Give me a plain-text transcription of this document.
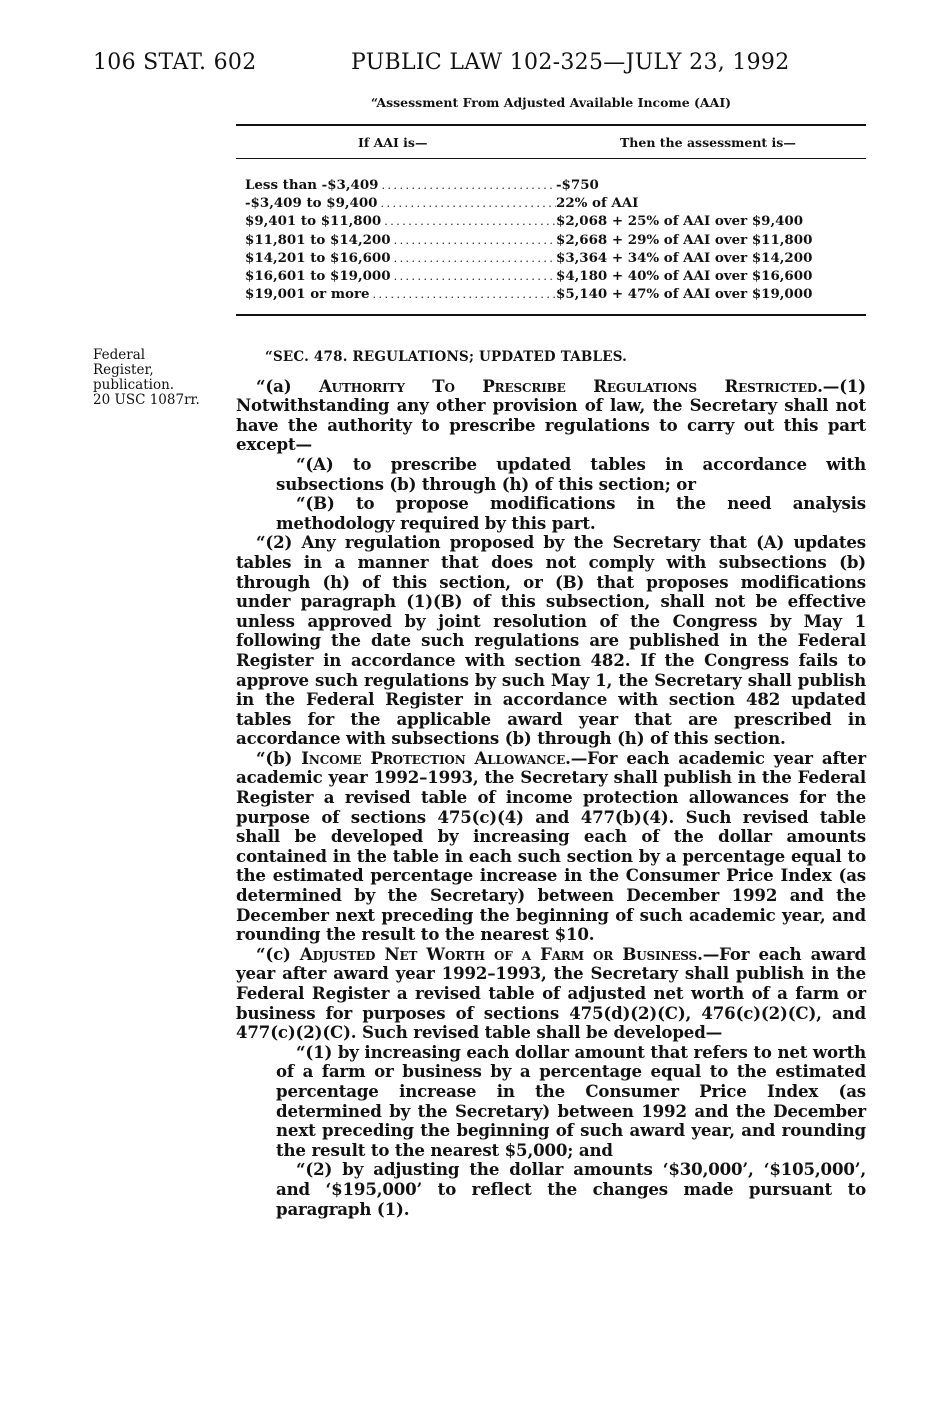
106 STAT. 602	PUBLIC LAW 102-325—JULY 23, 1992
“Assessment From Adjusted Available Income (AAI)
If AAI is—	Then the assessment is—
Less than -$3,409 . . .	-$750
-$3,409 to $9,400 . . .	22% of AAI
$9,401 to $11,800 . . .	$2,068 + 25% of AAI over $9,400
$11,801 to $14,200 . . .	$2,668 + 29% of AAI over $11,800
$14,201 to $16,600 . . .	$3,364 + 34% of AAI over $14,200
$16,601 to $19,000 . . .	$4,180 + 40% of AAI over $16,600
$19,001 or more . . .	$5,140 + 47% of AAI over $19,000
Federal
Register,
publication.
20 USC 1087rr.

“SEC. 478. REGULATIONS; UPDATED TABLES.

“(a) Authority To Prescribe Regulations Restricted.—(1) Notwithstanding any other provision of law, the Secretary shall not have the authority to prescribe regulations to carry out this part except—

“(A) to prescribe updated tables in accordance with subsections (b) through (h) of this section; or

“(B) to propose modifications in the need analysis methodology required by this part.

“(2) Any regulation proposed by the Secretary that (A) updates tables in a manner that does not comply with subsections (b) through (h) of this section, or (B) that proposes modifications under paragraph (1)(B) of this subsection, shall not be effective unless approved by joint resolution of the Congress by May 1 following the date such regulations are published in the Federal Register in accordance with section 482. If the Congress fails to approve such regulations by such May 1, the Secretary shall publish in the Federal Register in accordance with section 482 updated tables for the applicable award year that are prescribed in accordance with subsections (b) through (h) of this section.

“(b) Income Protection Allowance.—For each academic year after academic year 1992–1993, the Secretary shall publish in the Federal Register a revised table of income protection allowances for the purpose of sections 475(c)(4) and 477(b)(4). Such revised table shall be developed by increasing each of the dollar amounts contained in the table in each such section by a percentage equal to the estimated percentage increase in the Consumer Price Index (as determined by the Secretary) between December 1992 and the December next preceding the beginning of such academic year, and rounding the result to the nearest $10.

“(c) Adjusted Net Worth of a Farm or Business.—For each award year after award year 1992–1993, the Secretary shall publish in the Federal Register a revised table of adjusted net worth of a farm or business for purposes of sections 475(d)(2)(C), 476(c)(2)(C), and 477(c)(2)(C). Such revised table shall be developed—

“(1) by increasing each dollar amount that refers to net worth of a farm or business by a percentage equal to the estimated percentage increase in the Consumer Price Index (as determined by the Secretary) between 1992 and the December next preceding the beginning of such award year, and rounding the result to the nearest $5,000; and

“(2) by adjusting the dollar amounts ‘$30,000’, ‘$105,000’, and ‘$195,000’ to reflect the changes made pursuant to paragraph (1).
